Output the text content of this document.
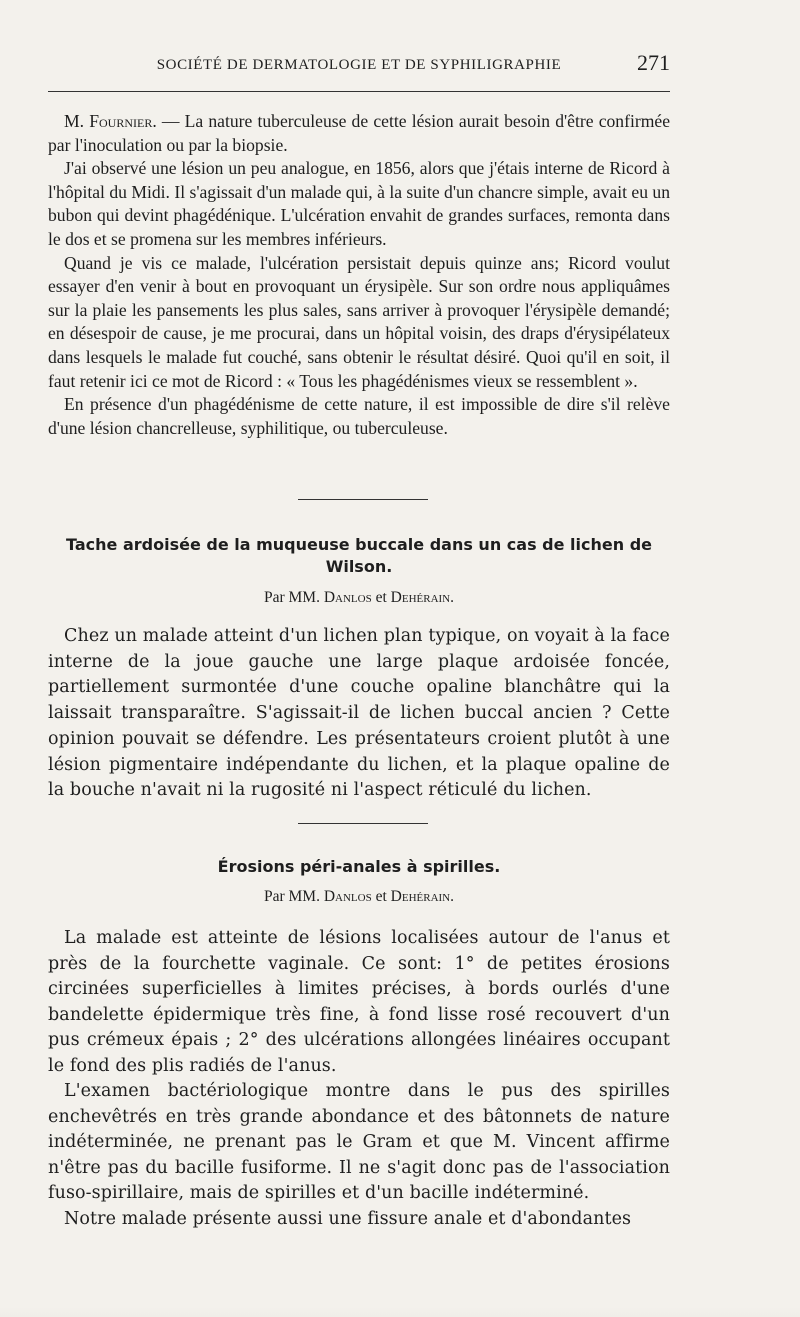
SOCIÉTÉ DE DERMATOLOGIE ET DE SYPHILIGRAPHIE	271

M. Fournier. — La nature tuberculeuse de cette lésion aurait besoin d'être confirmée par l'inoculation ou par la biopsie.

J'ai observé une lésion un peu analogue, en 1856, alors que j'étais interne de Ricord à l'hôpital du Midi. Il s'agissait d'un malade qui, à la suite d'un chancre simple, avait eu un bubon qui devint phagédénique. L'ulcération envahit de grandes surfaces, remonta dans le dos et se promena sur les membres inférieurs.

Quand je vis ce malade, l'ulcération persistait depuis quinze ans; Ricord voulut essayer d'en venir à bout en provoquant un érysipèle. Sur son ordre nous appliquâmes sur la plaie les pansements les plus sales, sans arriver à provoquer l'érysipèle demandé; en désespoir de cause, je me procurai, dans un hôpital voisin, des draps d'érysipélateux dans lesquels le malade fut couché, sans obtenir le résultat désiré. Quoi qu'il en soit, il faut retenir ici ce mot de Ricord : « Tous les phagédénismes vieux se ressemblent ».

En présence d'un phagédénisme de cette nature, il est impossible de dire s'il relève d'une lésion chancrelleuse, syphilitique, ou tuberculeuse.

Tache ardoisée de la muqueuse buccale dans un cas de lichen de Wilson.
Par MM. Danlos et Dehérain.

Chez un malade atteint d'un lichen plan typique, on voyait à la face interne de la joue gauche une large plaque ardoisée foncée, partiellement surmontée d'une couche opaline blanchâtre qui la laissait transparaître. S'agissait-il de lichen buccal ancien ? Cette opinion pouvait se défendre. Les présentateurs croient plutôt à une lésion pigmentaire indépendante du lichen, et la plaque opaline de la bouche n'avait ni la rugosité ni l'aspect réticulé du lichen.

Érosions péri-anales à spirilles.
Par MM. Danlos et Dehérain.

La malade est atteinte de lésions localisées autour de l'anus et près de la fourchette vaginale. Ce sont: 1° de petites érosions circinées superficielles à limites précises, à bords ourlés d'une bandelette épidermique très fine, à fond lisse rosé recouvert d'un pus crémeux épais ; 2° des ulcérations allongées linéaires occupant le fond des plis radiés de l'anus.

L'examen bactériologique montre dans le pus des spirilles enchevêtrés en très grande abondance et des bâtonnets de nature indéterminée, ne prenant pas le Gram et que M. Vincent affirme n'être pas du bacille fusiforme. Il ne s'agit donc pas de l'association fuso-spirillaire, mais de spirilles et d'un bacille indéterminé.

Notre malade présente aussi une fissure anale et d'abondantes
